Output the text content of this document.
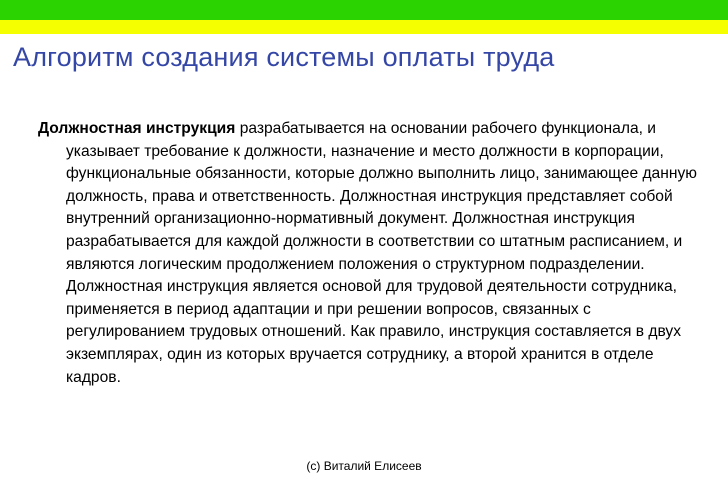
Алгоритм создания системы оплаты труда
Должностная инструкция разрабатывается на основании рабочего функционала, и указывает требование к должности, назначение и место должности в корпорации, функциональные обязанности, которые должно выполнить лицо, занимающее данную должность, права и ответственность. Должностная инструкция представляет собой внутренний организационно-нормативный документ. Должностная инструкция разрабатывается для каждой должности в соответствии со штатным расписанием, и являются логическим продолжением положения о структурном подразделении. Должностная инструкция является основой для трудовой деятельности сотрудника, применяется в период адаптации и при решении вопросов, связанных с регулированием трудовых отношений. Как правило, инструкция составляется в двух экземплярах, один из которых вручается сотруднику, а второй хранится в отделе кадров.
(c) Виталий Елисеев
